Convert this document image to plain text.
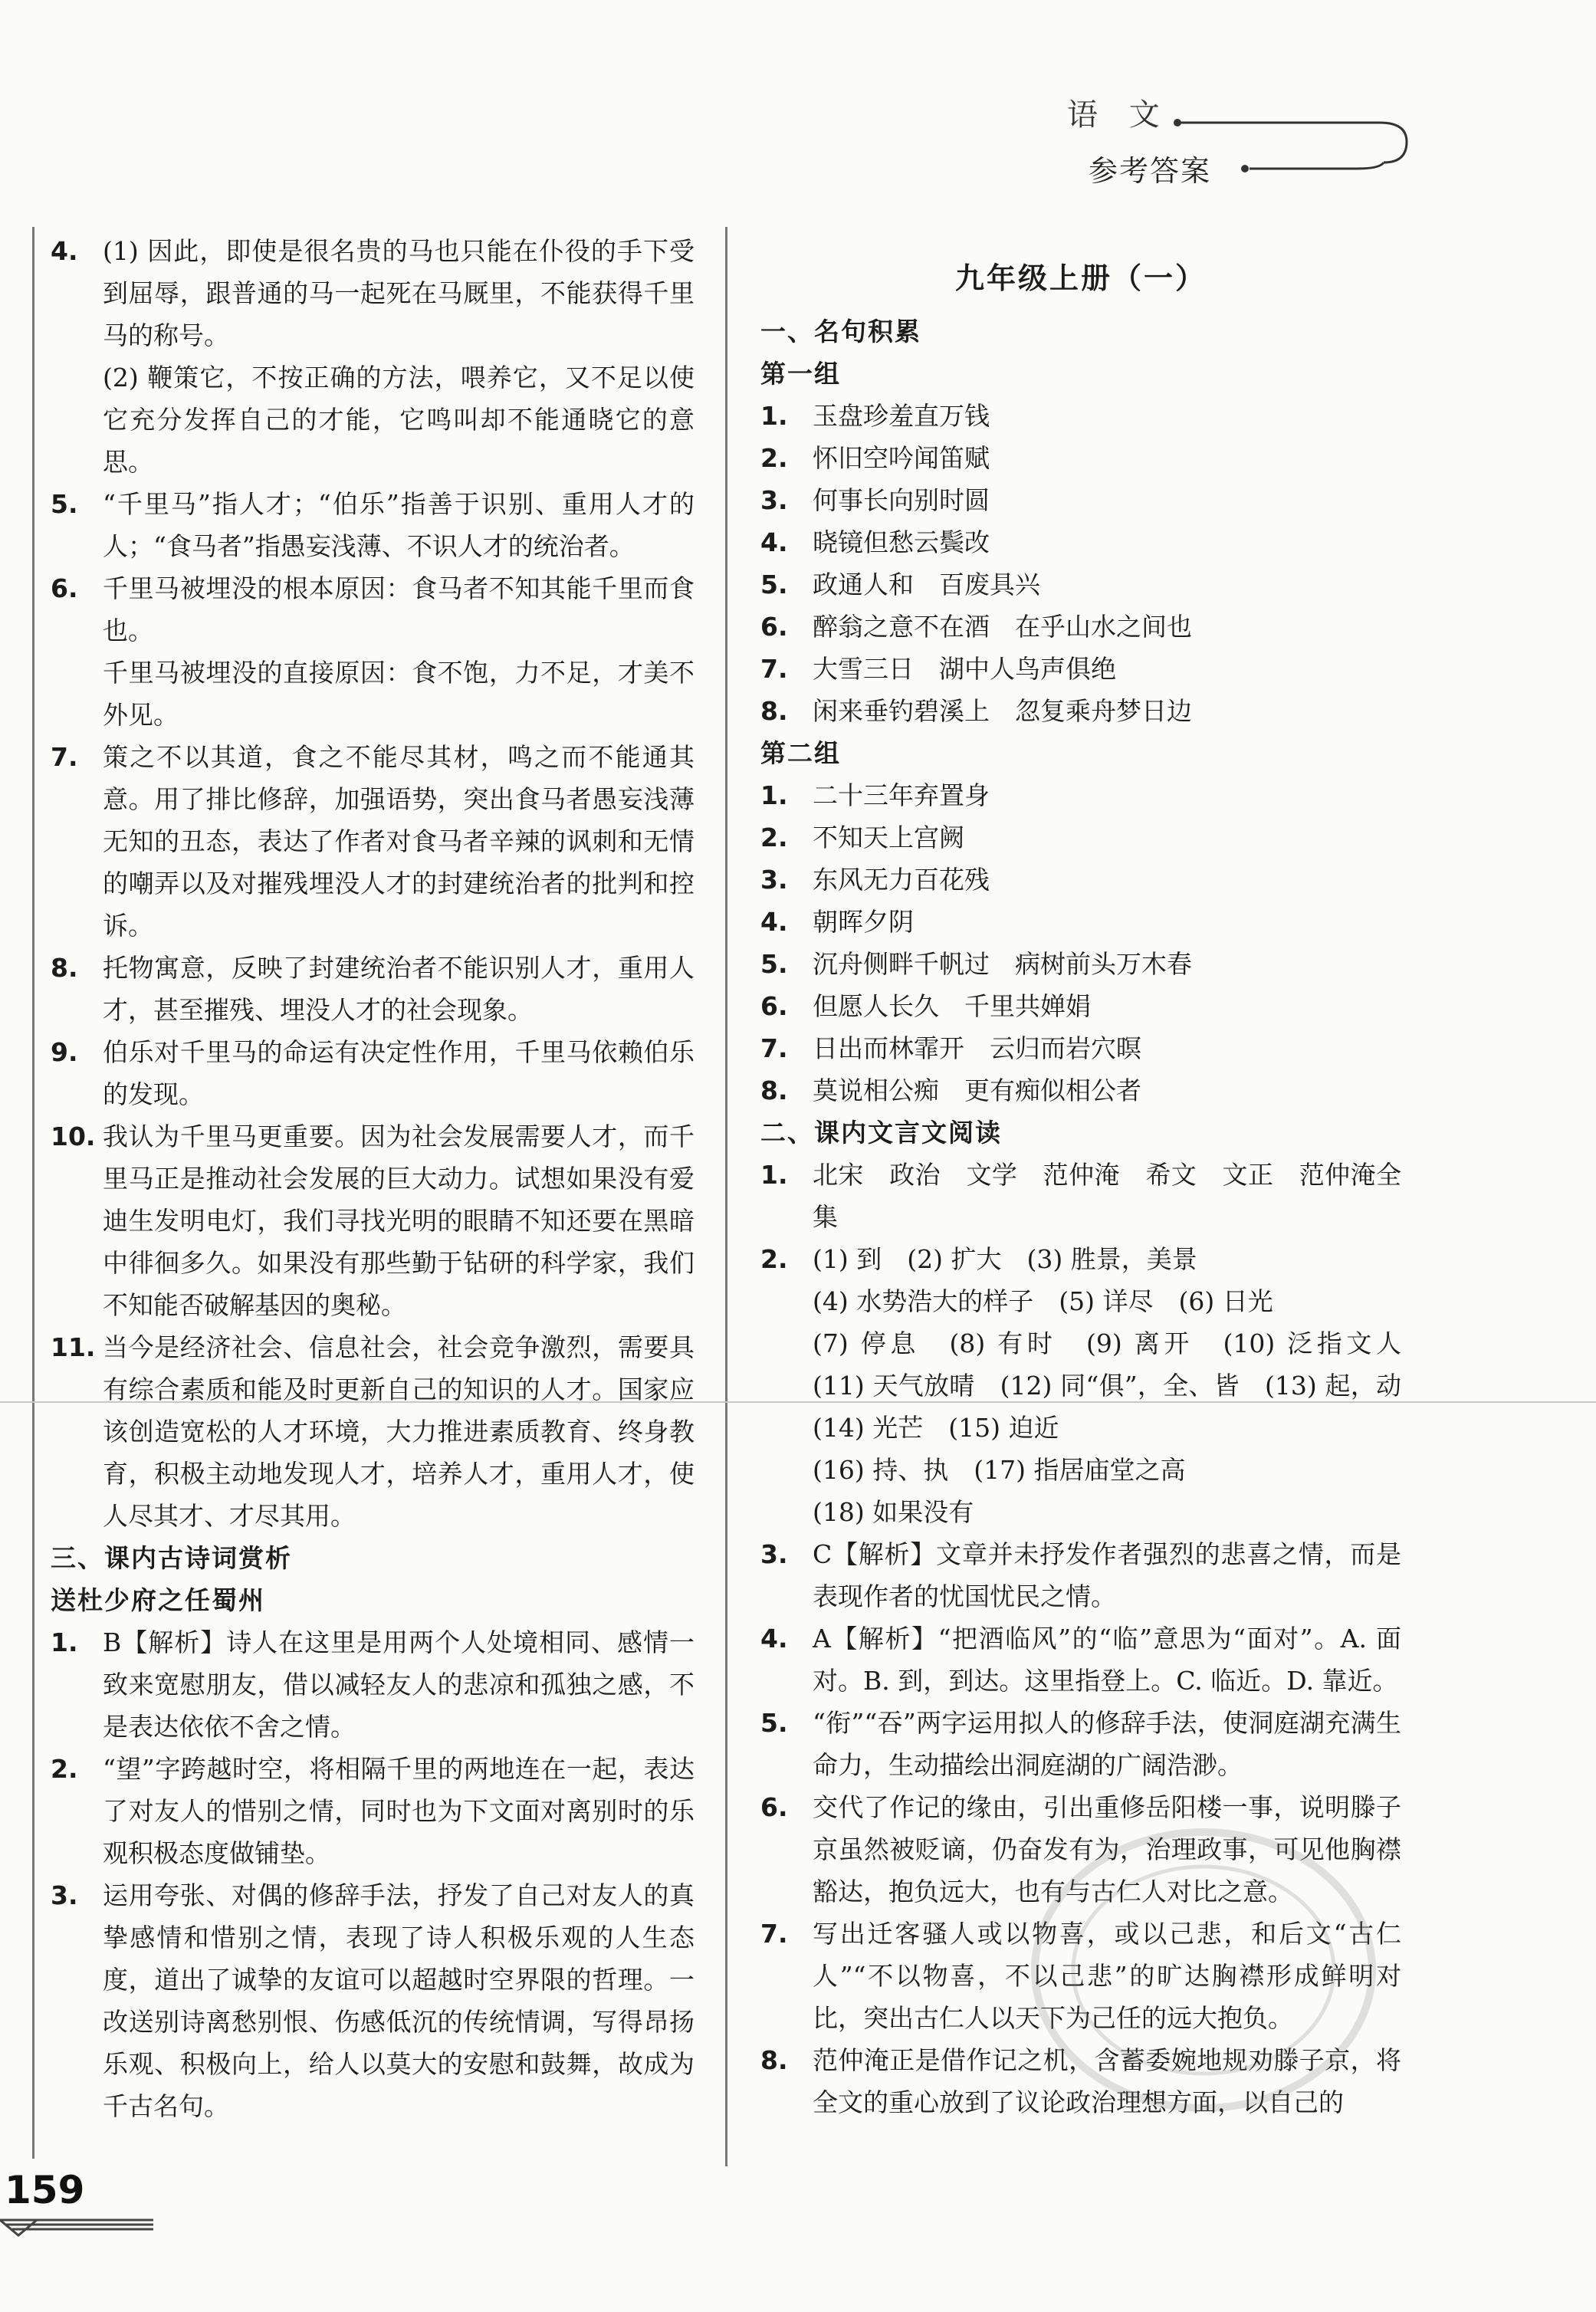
语 文
参考答案
4. (1) 因此，即使是很名贵的马也只能在仆役的手下受到屈辱，跟普通的马一起死在马厩里，不能获得千里马的称号。
(2) 鞭策它，不按正确的方法，喂养它，又不足以使它充分发挥自己的才能，它鸣叫却不能通晓它的意思。
5. “千里马”指人才；“伯乐”指善于识别、重用人才的人；“食马者”指愚妄浅薄、不识人才的统治者。
6. 千里马被埋没的根本原因：食马者不知其能千里而食也。
千里马被埋没的直接原因：食不饱，力不足，才美不外见。
7. 策之不以其道，食之不能尽其材，鸣之而不能通其意。用了排比修辞，加强语势，突出食马者愚妄浅薄无知的丑态，表达了作者对食马者辛辣的讽刺和无情的嘲弄以及对摧残埋没人才的封建统治者的批判和控诉。
8. 托物寓意，反映了封建统治者不能识别人才，重用人才，甚至摧残、埋没人才的社会现象。
9. 伯乐对千里马的命运有决定性作用，千里马依赖伯乐的发现。
10. 我认为千里马更重要。因为社会发展需要人才，而千里马正是推动社会发展的巨大动力。试想如果没有爱迪生发明电灯，我们寻找光明的眼睛不知还要在黑暗中徘徊多久。如果没有那些勤于钻研的科学家，我们不知能否破解基因的奥秘。
11. 当今是经济社会、信息社会，社会竞争激烈，需要具有综合素质和能及时更新自己的知识的人才。国家应该创造宽松的人才环境，大力推进素质教育、终身教育，积极主动地发现人才，培养人才，重用人才，使人尽其才、才尽其用。
三、课内古诗词赏析
送杜少府之任蜀州
1. B【解析】诗人在这里是用两个人处境相同、感情一致来宽慰朋友，借以减轻友人的悲凉和孤独之感，不是表达依依不舍之情。
2. “望”字跨越时空，将相隔千里的两地连在一起，表达了对友人的惜别之情，同时也为下文面对离别时的乐观积极态度做铺垫。
3. 运用夸张、对偶的修辞手法，抒发了自己对友人的真挚感情和惜别之情，表现了诗人积极乐观的人生态度，道出了诚挚的友谊可以超越时空界限的哲理。一改送别诗离愁别恨、伤感低沉的传统情调，写得昂扬乐观、积极向上，给人以莫大的安慰和鼓舞，故成为千古名句。
九年级上册（一）
一、名句积累
第一组
1. 玉盘珍羞直万钱
2. 怀旧空吟闻笛赋
3. 何事长向别时圆
4. 晓镜但愁云鬓改
5. 政通人和　百废具兴
6. 醉翁之意不在酒　在乎山水之间也
7. 大雪三日　湖中人鸟声俱绝
8. 闲来垂钓碧溪上　忽复乘舟梦日边
第二组
1. 二十三年弃置身
2. 不知天上宫阙
3. 东风无力百花残
4. 朝晖夕阴
5. 沉舟侧畔千帆过　病树前头万木春
6. 但愿人长久　千里共婵娟
7. 日出而林霏开　云归而岩穴暝
8. 莫说相公痴　更有痴似相公者
二、课内文言文阅读
1. 北宋　政治　文学　范仲淹　希文　文正　范仲淹全集
2. (1) 到　(2) 扩大　(3) 胜景，美景
(4) 水势浩大的样子　(5) 详尽　(6) 日光
(7) 停息　(8) 有时　(9) 离开　(10) 泛指文人　(11) 天气放晴　(12) 同“俱”，全、皆　(13) 起，动　(14) 光芒　(15) 迫近
(16) 持、执　(17) 指居庙堂之高
(18) 如果没有
3. C【解析】文章并未抒发作者强烈的悲喜之情，而是表现作者的忧国忧民之情。
4. A【解析】“把酒临风”的“临”意思为“面对”。A. 面对。B. 到，到达。这里指登上。C. 临近。D. 靠近。
5. “衔”“吞”两字运用拟人的修辞手法，使洞庭湖充满生命力，生动描绘出洞庭湖的广阔浩渺。
6. 交代了作记的缘由，引出重修岳阳楼一事，说明滕子京虽然被贬谪，仍奋发有为，治理政事，可见他胸襟豁达，抱负远大，也有与古仁人对比之意。
7. 写出迁客骚人或以物喜，或以己悲，和后文“古仁人”“不以物喜，不以己悲”的旷达胸襟形成鲜明对比，突出古仁人以天下为己任的远大抱负。
8. 范仲淹正是借作记之机，含蓄委婉地规劝滕子京，将全文的重心放到了议论政治理想方面，以自己的
159
